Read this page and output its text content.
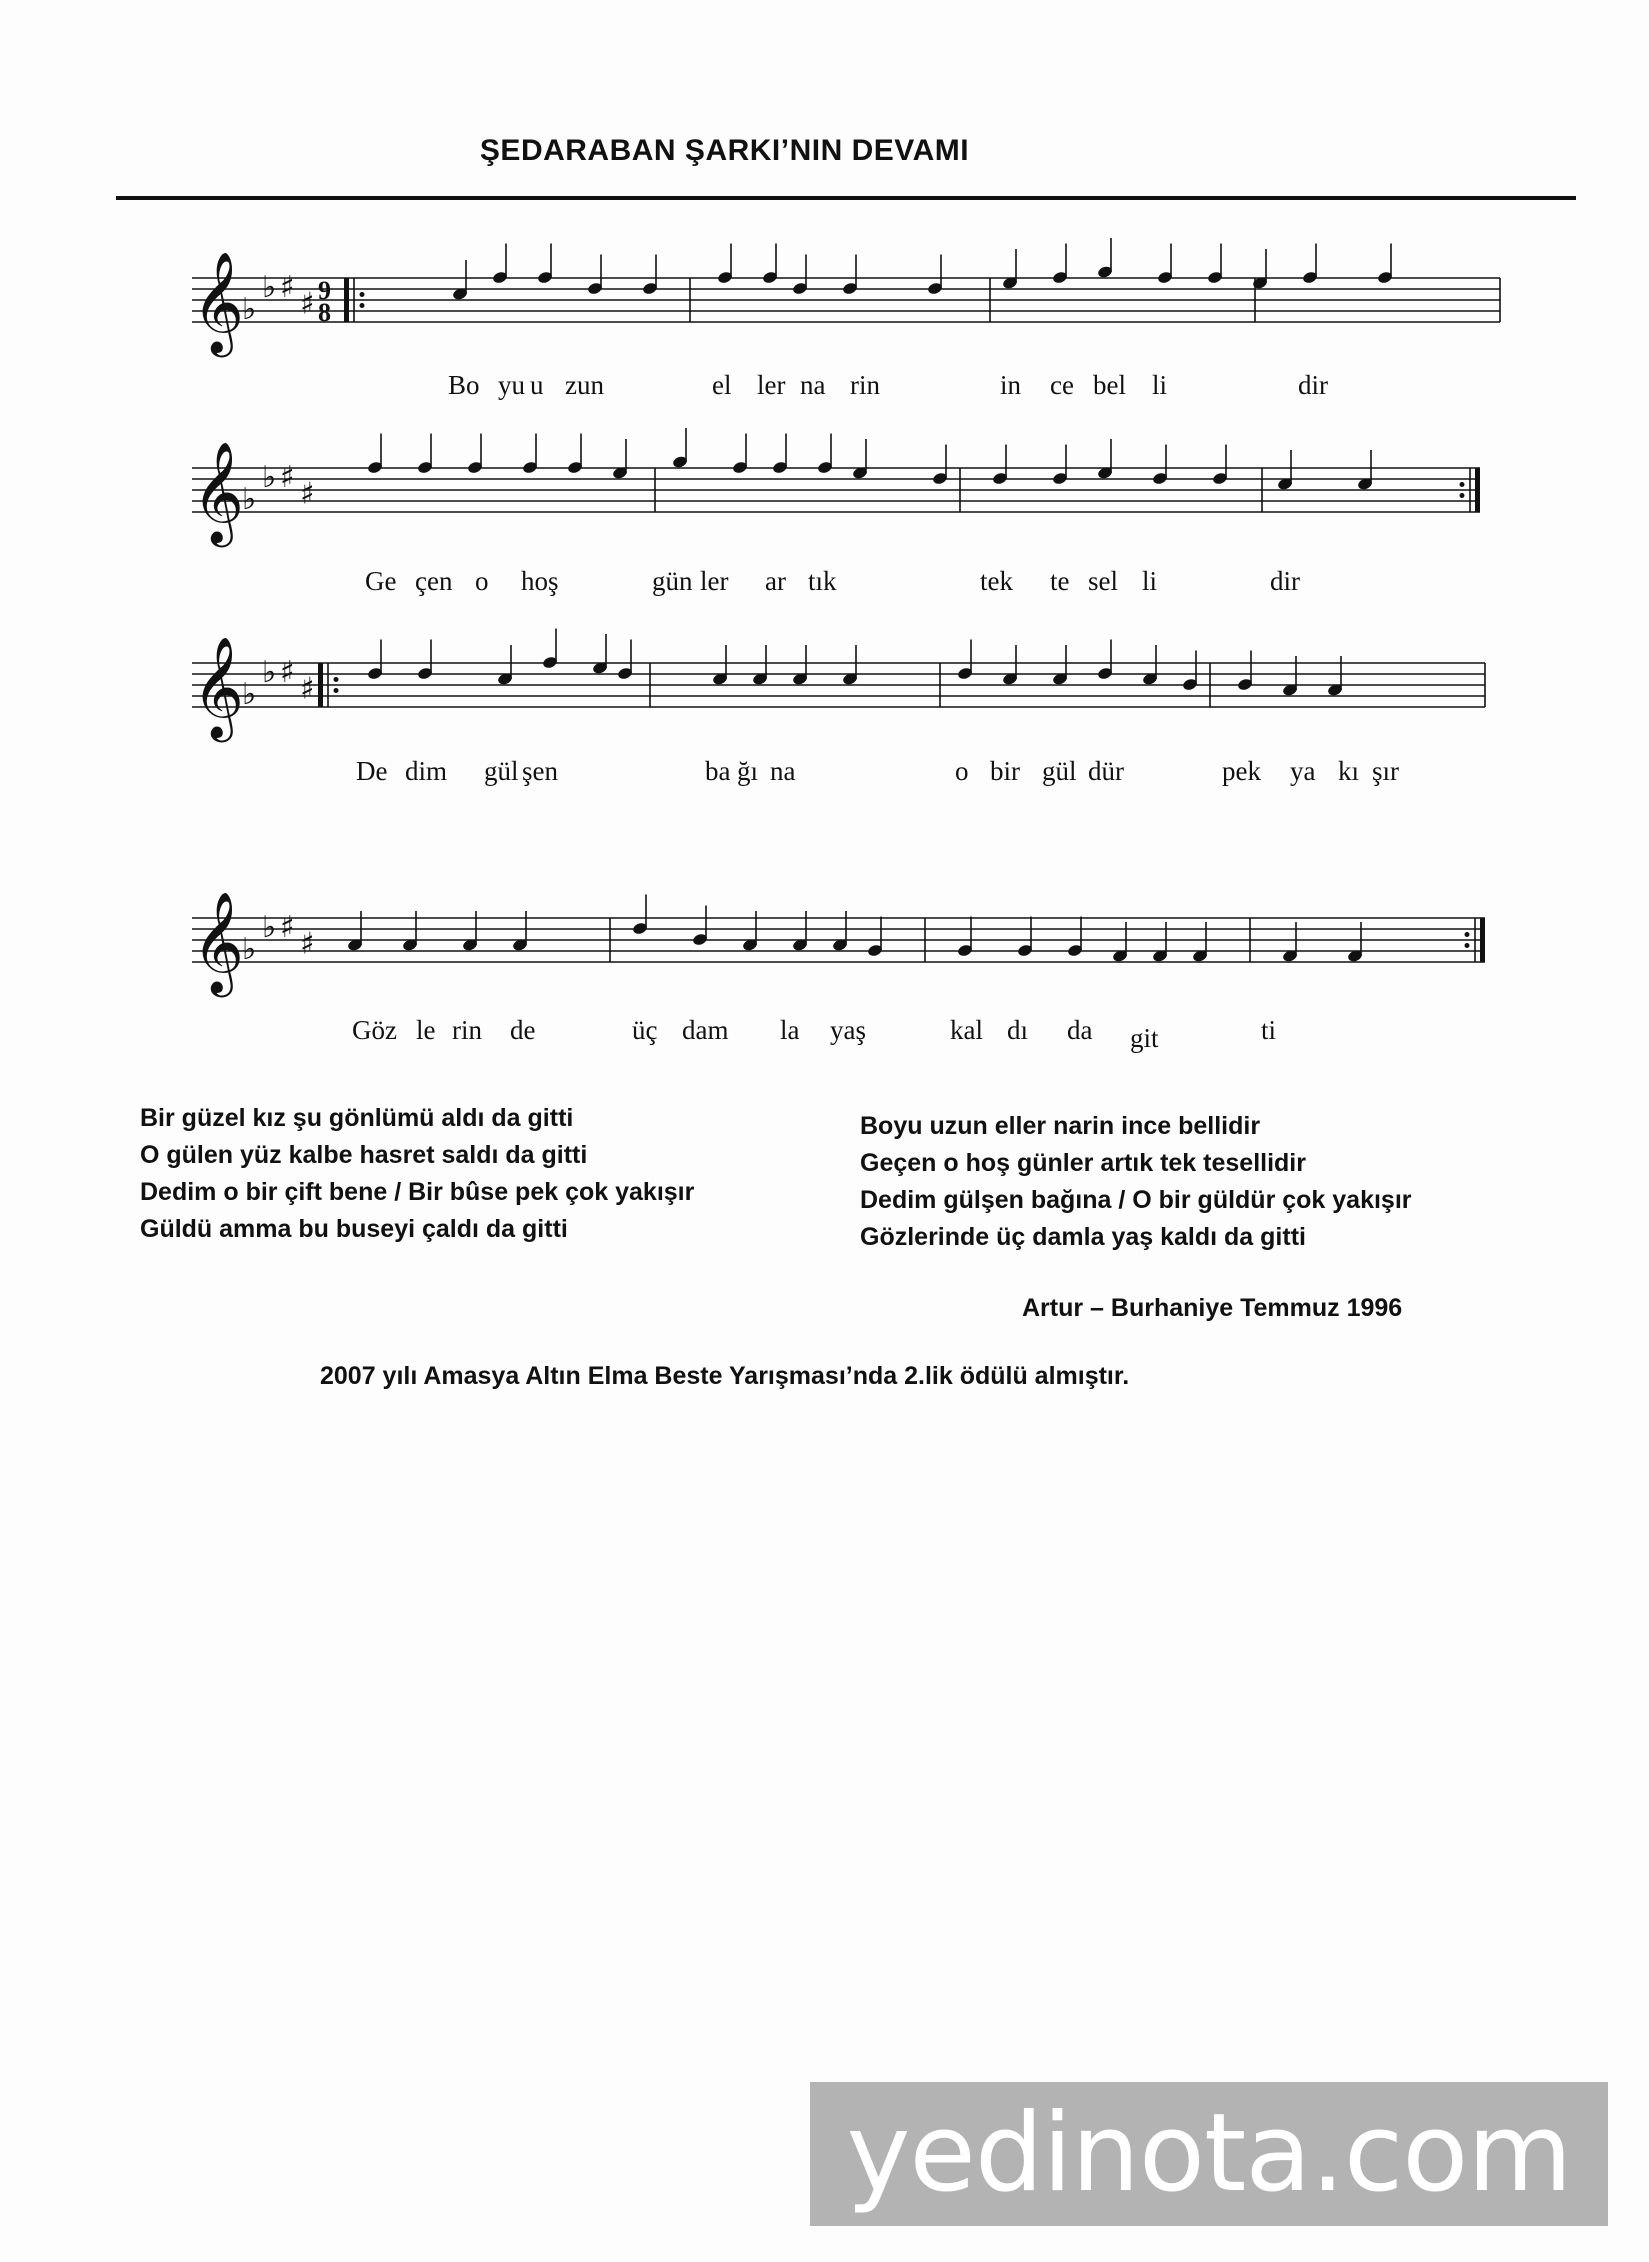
ŞEDARABAN ŞARKI’NIN DEVAMI
𝄞
♭
♭ ♯ ♯ 9
8
𝄞
♭
♭ ♯ ♯
𝄞
♭
♭ ♯ ♯
𝄞
♭
♭ ♯ ♯
Bo yu u zun	el ler na rin	in ce bel li	dir
Ge çen o hoş	gün ler ar tık	tek te sel li	dir
De dim gül şen	ba ğı na	o bir gül dür	pek ya kı şır
Göz le rin de	üç dam la yaş	kal dı da git	ti
Bir güzel kız şu gönlümü aldı da gitti
O gülen yüz kalbe hasret saldı da gitti
Dedim o bir çift bene / Bir bûse pek çok yakışır
Güldü amma bu buseyi çaldı da gitti
Boyu uzun eller narin ince bellidir
Geçen o hoş günler artık tek tesellidir
Dedim gülşen bağına / O bir güldür çok yakışır
Gözlerinde üç damla yaş kaldı da gitti
Artur – Burhaniye Temmuz 1996
2007 yılı Amasya Altın Elma Beste Yarışması’nda 2.lik ödülü almıştır.
yedinota.com
